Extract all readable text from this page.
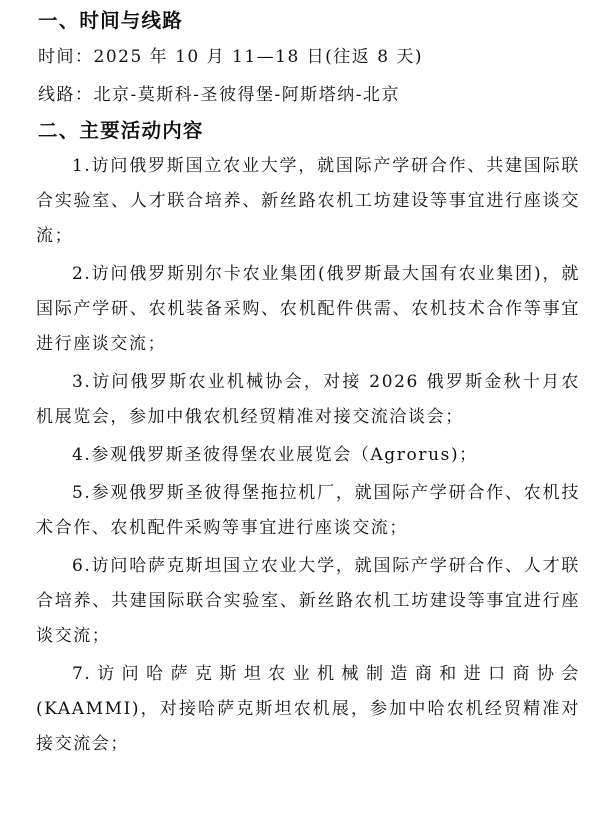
一、时间与线路

时间：2025 年 10 月 11—18 日(往返 8 天)

线路：北京-莫斯科-圣彼得堡-阿斯塔纳-北京

二、主要活动内容

1.访问俄罗斯国立农业大学，就国际产学研合作、共建国际联合实验室、人才联合培养、新丝路农机工坊建设等事宜进行座谈交流；

2.访问俄罗斯别尔卡农业集团(俄罗斯最大国有农业集团)，就国际产学研、农机装备采购、农机配件供需、农机技术合作等事宜进行座谈交流；

3.访问俄罗斯农业机械协会，对接 2026 俄罗斯金秋十月农机展览会，参加中俄农机经贸精准对接交流洽谈会；

4.参观俄罗斯圣彼得堡农业展览会（Agrorus)；

5.参观俄罗斯圣彼得堡拖拉机厂，就国际产学研合作、农机技术合作、农机配件采购等事宜进行座谈交流；

6.访问哈萨克斯坦国立农业大学，就国际产学研合作、人才联合培养、共建国际联合实验室、新丝路农机工坊建设等事宜进行座谈交流；

7.访问哈萨克斯坦农业机械制造商和进口商协会(KAAMMI)，对接哈萨克斯坦农机展，参加中哈农机经贸精准对接交流会；
